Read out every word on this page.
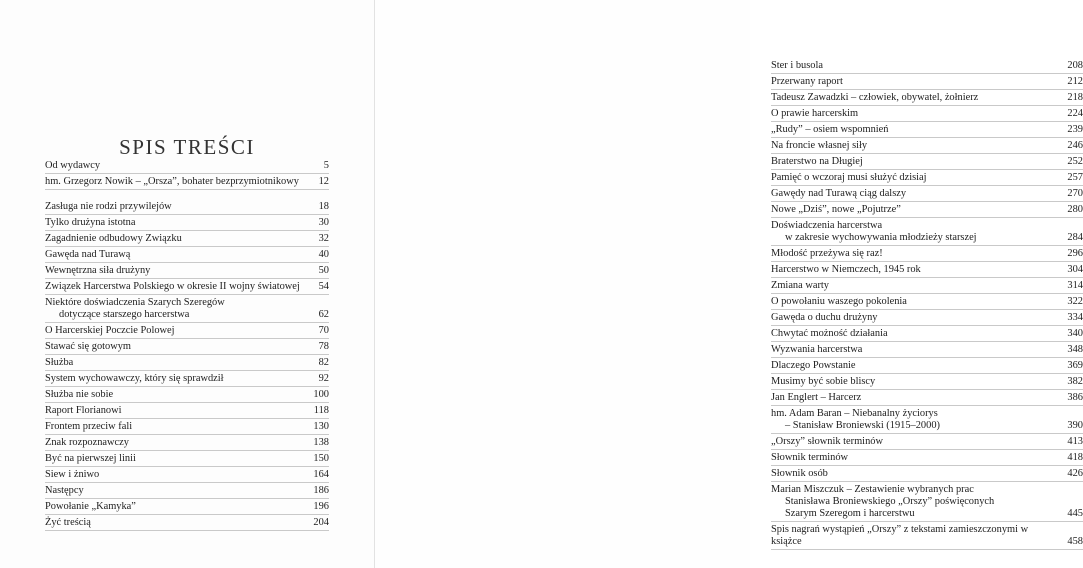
SPIS TREŚCI
Od wydawcy	5
hm. Grzegorz Nowik – „Orsza”, bohater bezprzymiotnikowy	12
Zasługa nie rodzi przywilejów	18
Tylko drużyna istotna	30
Zagadnienie odbudowy Związku	32
Gawęda nad Turawą	40
Wewnętrzna siła drużyny	50
Związek Harcerstwa Polskiego w okresie II wojny światowej	54
Niektóre doświadczenia Szarych Szeregów
dotyczące starszego harcerstwa	62
O Harcerskiej Poczcie Polowej	70
Stawać się gotowym	78
Służba	82
System wychowawczy, który się sprawdził	92
Służba nie sobie	100
Raport Florianowi	118
Frontem przeciw fali	130
Znak rozpoznawczy	138
Być na pierwszej linii	150
Siew i żniwo	164
Następcy	186
Powołanie „Kamyka”	196
Żyć treścią	204
Ster i busola	208
Przerwany raport	212
Tadeusz Zawadzki – człowiek, obywatel, żołnierz	218
O prawie harcerskim	224
„Rudy” – osiem wspomnień	239
Na froncie własnej siły	246
Braterstwo na Długiej	252
Pamięć o wczoraj musi służyć dzisiaj	257
Gawędy nad Turawą ciąg dalszy	270
Nowe „Dziś”, nowe „Pojutrze”	280
Doświadczenia harcerstwa
w zakresie wychowywania młodzieży starszej	284
Młodość przeżywa się raz!	296
Harcerstwo w Niemczech, 1945 rok	304
Zmiana warty	314
O powołaniu waszego pokolenia	322
Gawęda o duchu drużyny	334
Chwytać możność działania	340
Wyzwania harcerstwa	348
Dlaczego Powstanie	369
Musimy być sobie bliscy	382
Jan Englert – Harcerz	386
hm. Adam Baran – Niebanalny życiorys
– Stanisław Broniewski (1915–2000)	390
„Orszy” słownik terminów	413
Słownik terminów	418
Słownik osób	426
Marian Miszczuk – Zestawienie wybranych prac
Stanisława Broniewskiego „Orszy” poświęconych
Szarym Szeregom i harcerstwu	445
Spis nagrań wystąpień „Orszy” z tekstami zamieszczonymi w książce	458
